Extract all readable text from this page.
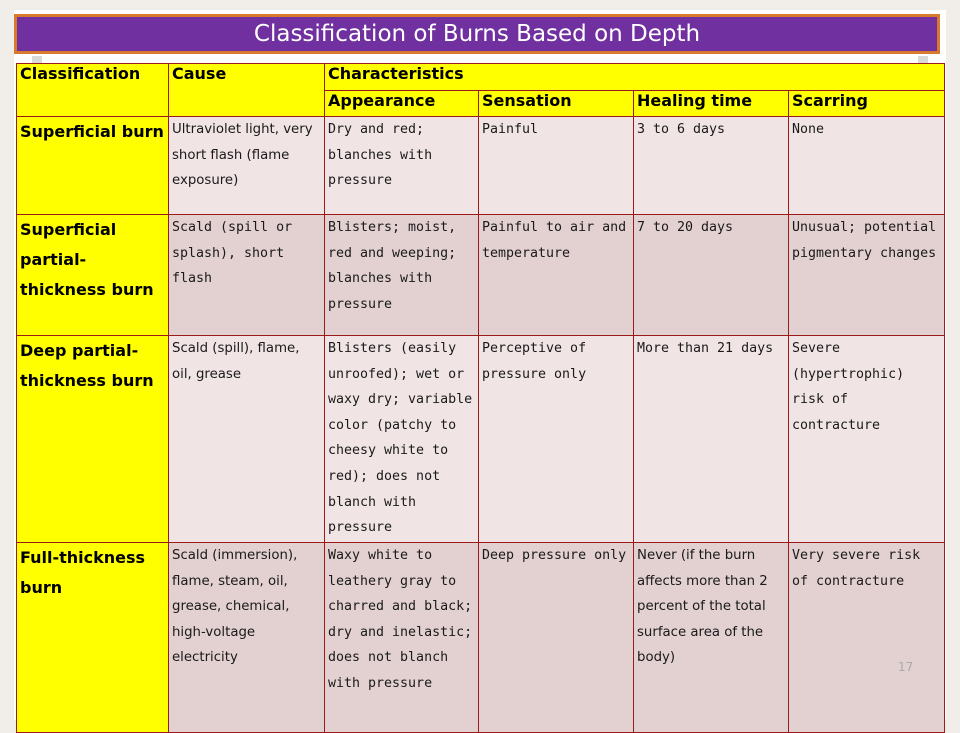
Classification of Burns Based on Depth
Classification	Cause	Characteristics			
		Appearance	Sensation	Healing time	Scarring
Superficial burn	Ultraviolet light, very short flash (flame exposure)	Dry and red; blanches with pressure	Painful	3 to 6 days	None
Superficial partial-thickness burn	Scald (spill or splash), short flash	Blisters; moist, red and weeping; blanches with pressure	Painful to air and temperature	7 to 20 days	Unusual; potential pigmentary changes
Deep partial-thickness burn	Scald (spill), flame, oil, grease	Blisters (easily unroofed); wet or waxy dry; variable color (patchy to cheesy white to red); does not blanch with pressure	Perceptive of pressure only	More than 21 days	Severe (hypertrophic) risk of contracture
Full-thickness burn	Scald (immersion), flame, steam, oil, grease, chemical, high-voltage electricity	Waxy white to leathery gray to charred and black; dry and inelastic; does not blanch with pressure	Deep pressure only	Never (if the burn affects more than 2 percent of the total surface area of the body)	Very severe risk of contracture
17
